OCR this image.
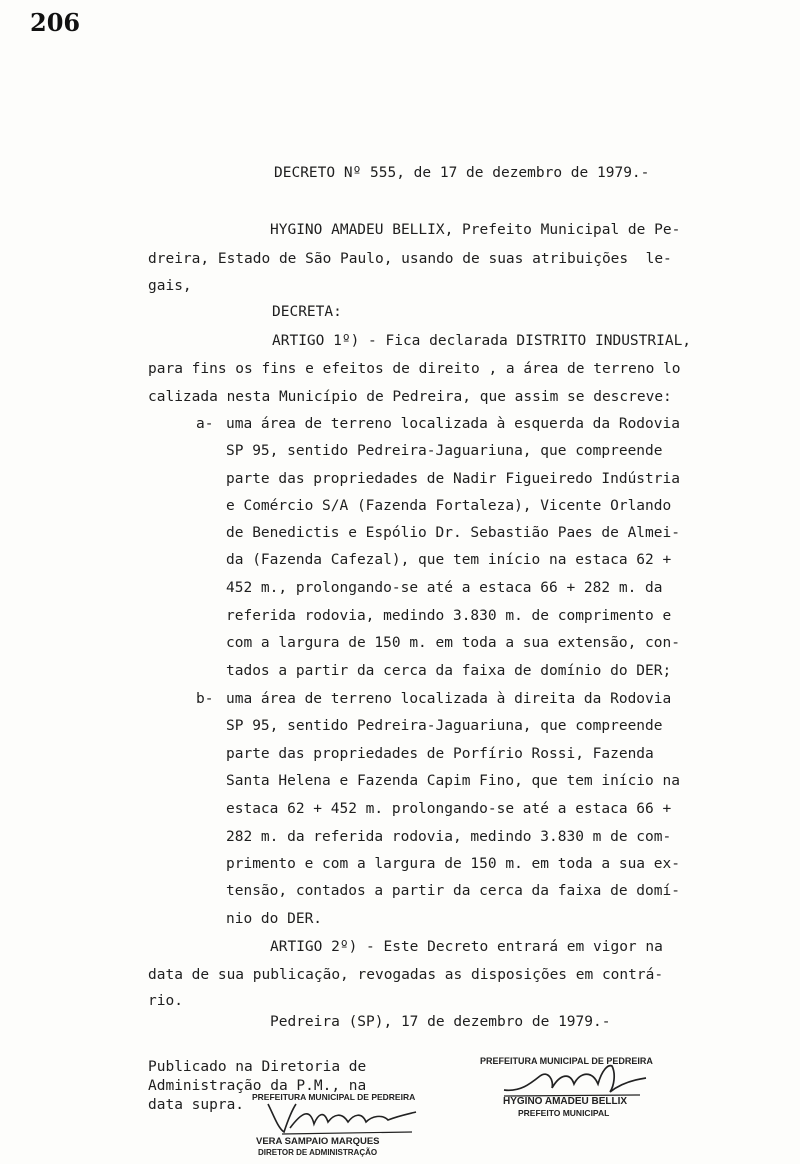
206
DECRETO Nº 555, de 17 de dezembro de 1979.-
HYGINO AMADEU BELLIX, Prefeito Municipal de Pe-
dreira, Estado de São Paulo, usando de suas atribuições  le-
gais,
DECRETA:
ARTIGO 1º) - Fica declarada DISTRITO INDUSTRIAL,
para fins os fins e efeitos de direito , a área de terreno lo
calizada nesta Município de Pedreira, que assim se descreve:
a- uma área de terreno localizada à esquerda da Rodovia
SP 95, sentido Pedreira-Jaguariuna, que compreende
parte das propriedades de Nadir Figueiredo Indústria
e Comércio S/A (Fazenda Fortaleza), Vicente Orlando
de Benedictis e Espólio Dr. Sebastião Paes de Almei-
da (Fazenda Cafezal), que tem início na estaca 62 +
452 m., prolongando-se até a estaca 66 + 282 m. da
referida rodovia, medindo 3.830 m. de comprimento e
com a largura de 150 m. em toda a sua extensão, con-
tados a partir da cerca da faixa de domínio do DER;
b- uma área de terreno localizada à direita da Rodovia
SP 95, sentido Pedreira-Jaguariuna, que compreende
parte das propriedades de Porfírio Rossi, Fazenda
Santa Helena e Fazenda Capim Fino, que tem início na
estaca 62 + 452 m. prolongando-se até a estaca 66 +
282 m. da referida rodovia, medindo 3.830 m de com-
primento e com a largura de 150 m. em toda a sua ex-
tensão, contados a partir da cerca da faixa de domí-
nio do DER.
ARTIGO 2º) - Este Decreto entrará em vigor na
data de sua publicação, revogadas as disposições em contrá-
rio.
Pedreira (SP), 17 de dezembro de 1979.-
Publicado na Diretoria de
Administração da P.M., na
data supra. PREFEITURA MUNICIPAL DE PEDREIRA
VERA SAMPAIO MARQUES
DIRETOR DE ADMINISTRAÇÃO
PREFEITURA MUNICIPAL DE PEDREIRA
HYGINO AMADEU BELLIX
PREFEITO MUNICIPAL
